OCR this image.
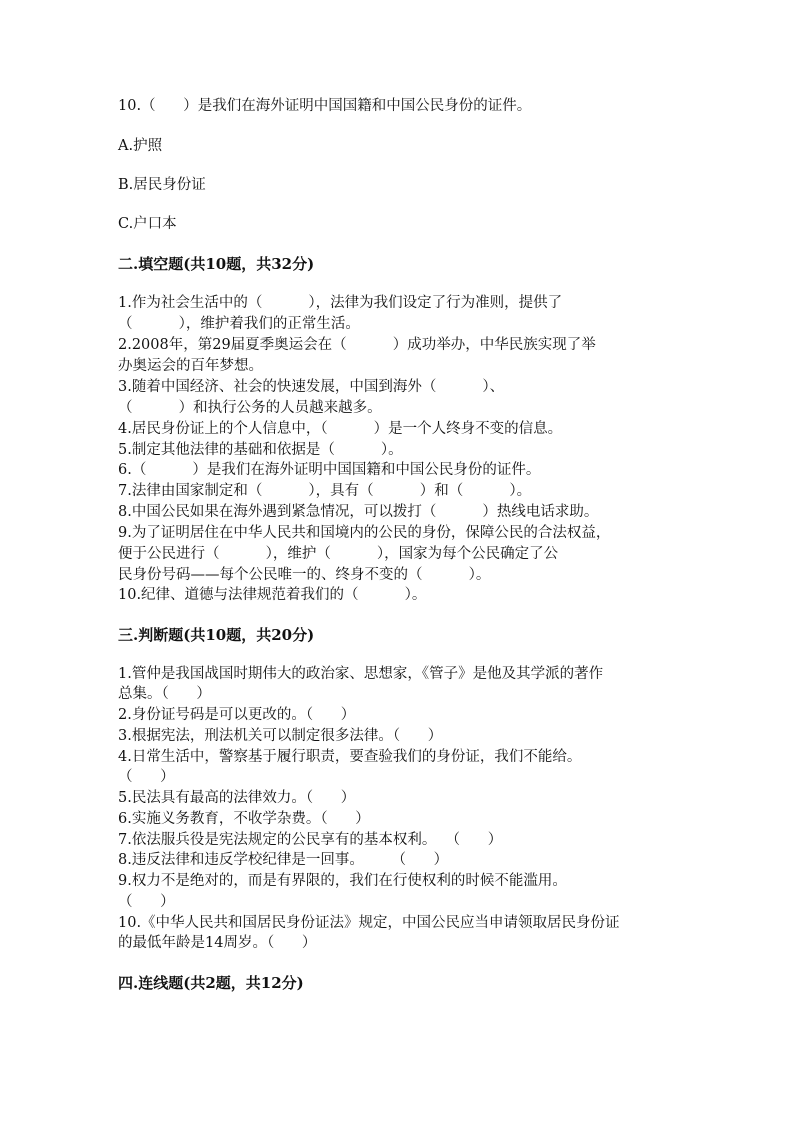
10.（      ）是我们在海外证明中国国籍和中国公民身份的证件。
A.护照
B.居民身份证
C.户口本
二.填空题(共10题，共32分)
1.作为社会生活中的（          ），法律为我们设定了行为准则，提供了
（          ），维护着我们的正常生活。
2.2008年，第29届夏季奥运会在（          ）成功举办，中华民族实现了举
办奥运会的百年梦想。
3.随着中国经济、社会的快速发展，中国到海外（          ）、
（          ）和执行公务的人员越来越多。
4.居民身份证上的个人信息中，（          ）是一个人终身不变的信息。
5.制定其他法律的基础和依据是（          ）。
6.（          ）是我们在海外证明中国国籍和中国公民身份的证件。
7.法律由国家制定和（          ），具有（          ）和（          ）。
8.中国公民如果在海外遇到紧急情况，可以拨打（          ）热线电话求助。
9.为了证明居住在中华人民共和国境内的公民的身份，保障公民的合法权益，
便于公民进行（          ），维护（          ），国家为每个公民确定了公
民身份号码——每个公民唯一的、终身不变的（          ）。
10.纪律、道德与法律规范着我们的（          ）。
三.判断题(共10题，共20分)
1.管仲是我国战国时期伟大的政治家、思想家，《管子》是他及其学派的著作
总集。（      ）
2.身份证号码是可以更改的。（      ）
3.根据宪法，刑法机关可以制定很多法律。（      ）
4.日常生活中，警察基于履行职责，要查验我们的身份证，我们不能给。
（      ）
5.民法具有最高的法律效力。（      ）
6.实施义务教育，不收学杂费。（      ）
7.依法服兵役是宪法规定的公民享有的基本权利。  （      ）
8.违反法律和违反学校纪律是一回事。      （      ）
9.权力不是绝对的，而是有界限的，我们在行使权利的时候不能滥用。
（      ）
10.《中华人民共和国居民身份证法》规定，中国公民应当申请领取居民身份证
的最低年龄是14周岁。（      ）
四.连线题(共2题，共12分)
